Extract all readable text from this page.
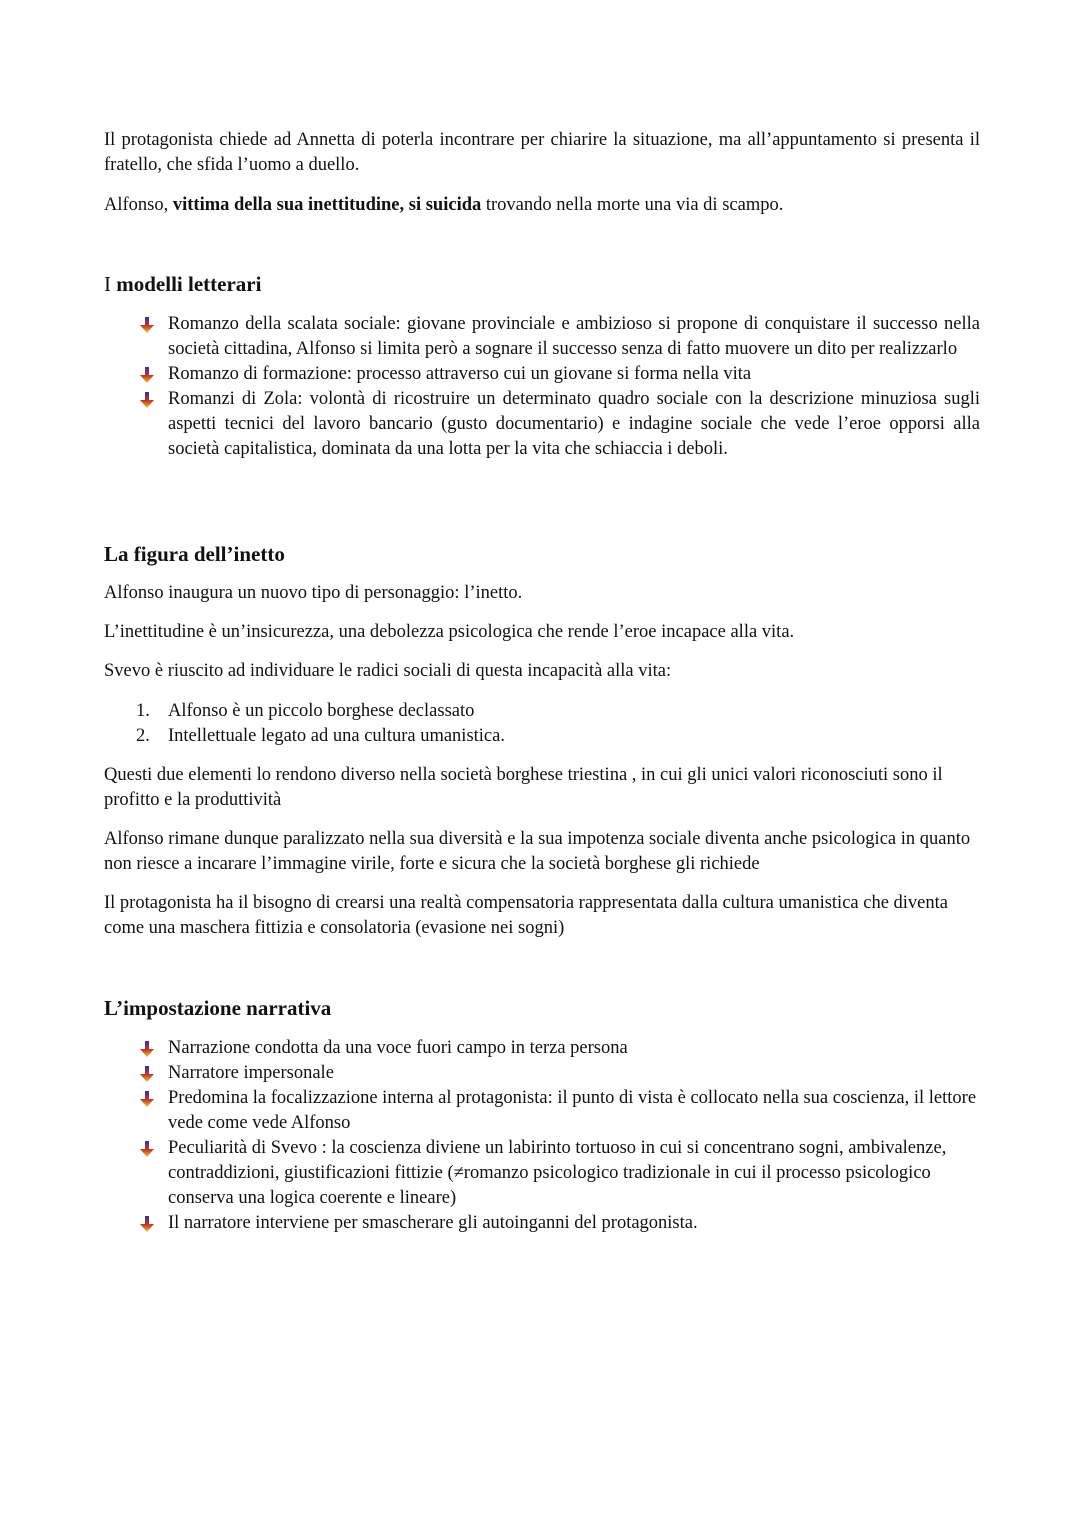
Il protagonista chiede ad Annetta di poterla incontrare per chiarire la situazione, ma all’appuntamento si presenta il fratello, che sfida l’uomo a duello.

Alfonso, vittima della sua inettitudine, si suicida trovando nella morte una via di scampo.

I modelli letterari
Romanzo della scalata sociale: giovane provinciale e ambizioso si propone di conquistare il successo nella società cittadina, Alfonso si limita però a sognare il successo senza di fatto muovere un dito per realizzarlo
Romanzo di formazione: processo attraverso cui un giovane si forma nella vita
Romanzi di Zola: volontà di ricostruire un determinato quadro sociale con la descrizione minuziosa sugli aspetti tecnici del lavoro bancario (gusto documentario) e indagine sociale che vede l’eroe opporsi alla società capitalistica, dominata da una lotta per la vita che schiaccia i deboli.
La figura dell’inetto

Alfonso inaugura un nuovo tipo di personaggio: l’inetto.

L’inettitudine è un’insicurezza, una debolezza psicologica che rende l’eroe incapace alla vita.

Svevo è riuscito ad individuare le radici sociali di questa incapacità alla vita:

1. Alfonso è un piccolo borghese declassato
2. Intellettuale legato ad una cultura umanistica.

Questi due elementi lo rendono diverso nella società borghese triestina , in cui gli unici valori riconosciuti sono il profitto e la produttività

Alfonso rimane dunque paralizzato nella sua diversità e la sua impotenza sociale diventa anche psicologica in quanto non riesce a incarare l’immagine virile, forte e sicura che la società borghese gli richiede

Il protagonista ha il bisogno di crearsi una realtà compensatoria rappresentata dalla cultura umanistica che diventa come una maschera fittizia e consolatoria (evasione nei sogni)

L’impostazione narrativa
Narrazione condotta da una voce fuori campo in terza persona
Narratore impersonale
Predomina la focalizzazione interna al protagonista: il punto di vista è collocato nella sua coscienza, il lettore vede come vede Alfonso
Peculiarità di Svevo : la coscienza diviene un labirinto tortuoso in cui si concentrano sogni, ambivalenze, contraddizioni, giustificazioni fittizie (≠romanzo psicologico tradizionale in cui il processo psicologico conserva una logica coerente e lineare)
Il narratore interviene per smascherare gli autoinganni del protagonista.
